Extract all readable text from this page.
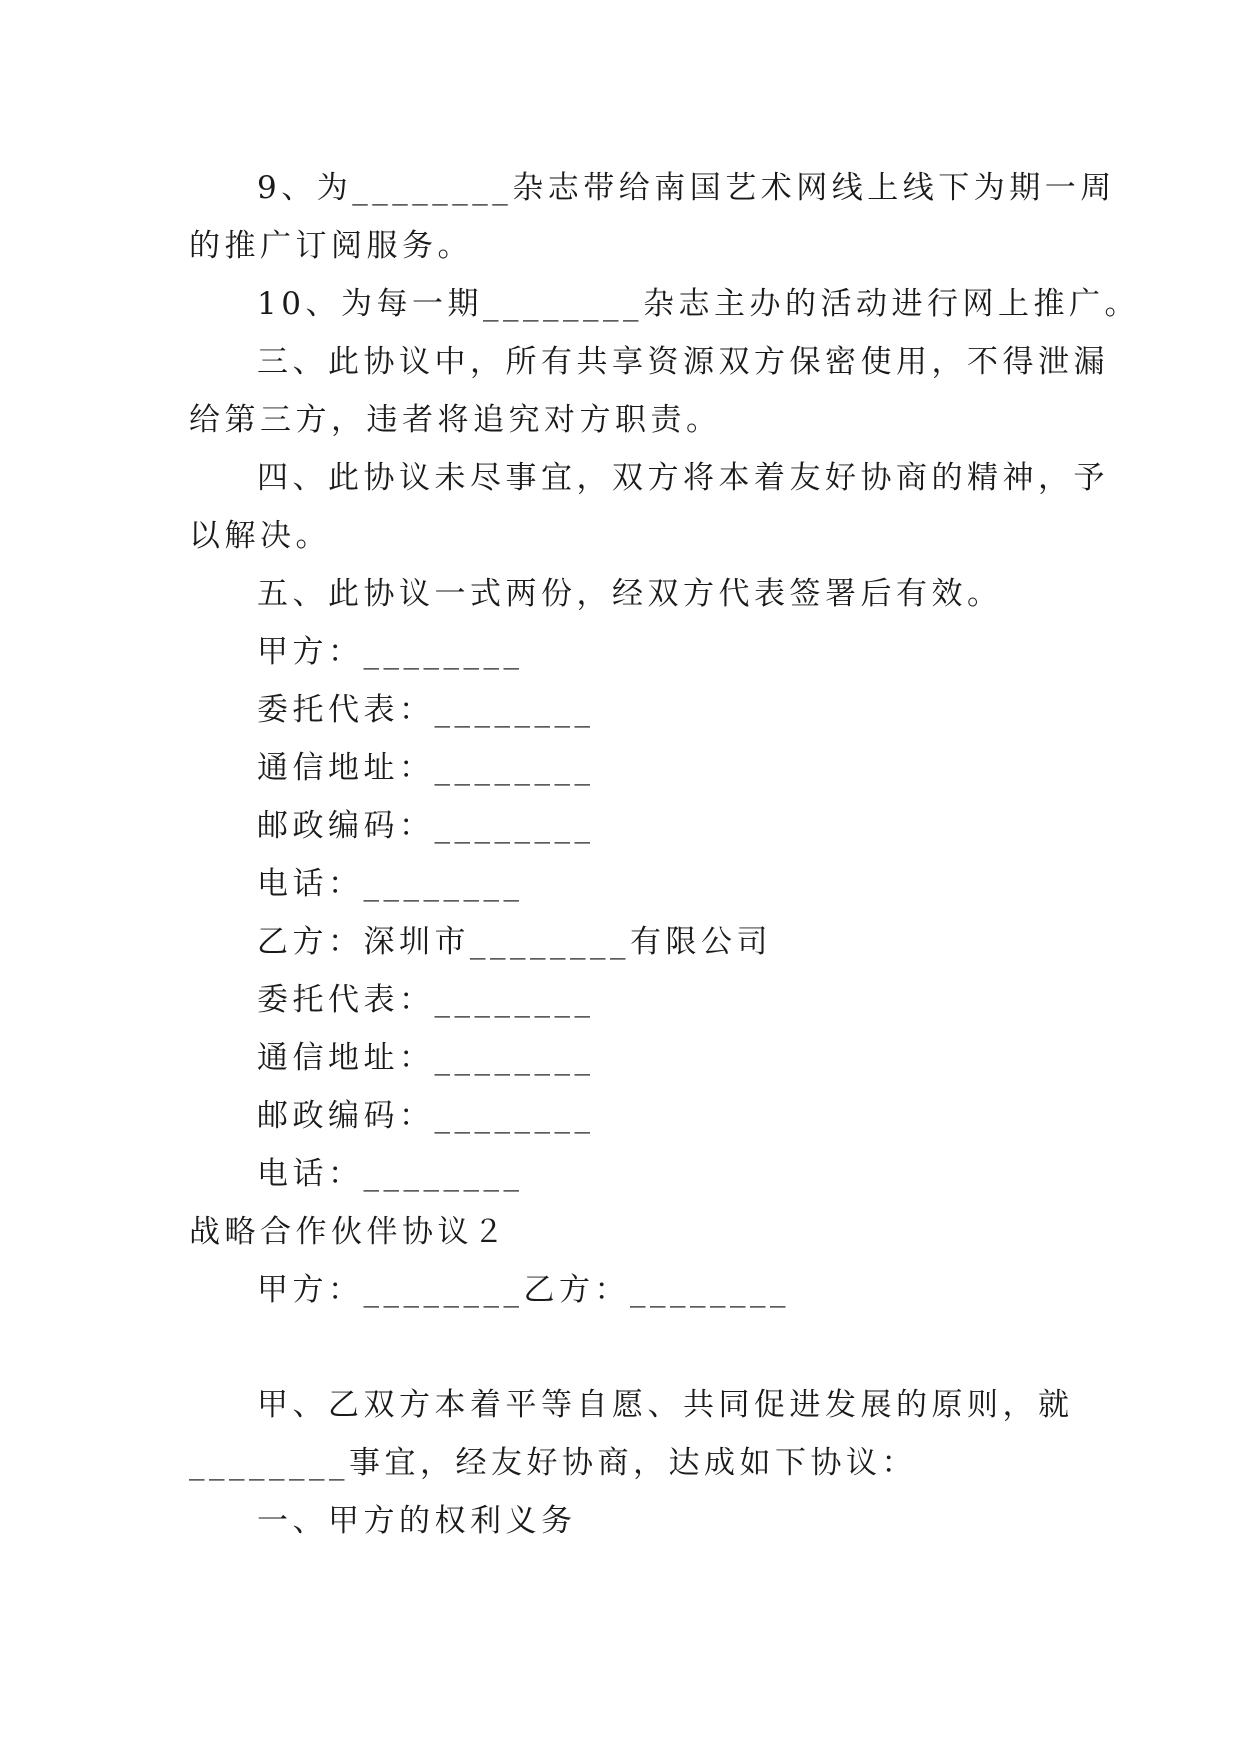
9、为________杂志带给南国艺术网线上线下为期一周
的推广订阅服务。
10、为每一期________杂志主办的活动进行网上推广。
三、此协议中，所有共享资源双方保密使用，不得泄漏
给第三方，违者将追究对方职责。
四、此协议未尽事宜，双方将本着友好协商的精神，予
以解决。
五、此协议一式两份，经双方代表签署后有效。
甲方：________
委托代表：________
通信地址：________
邮政编码：________
电话：________
乙方：深圳市________有限公司
委托代表：________
通信地址：________
邮政编码：________
电话：________
战略合作伙伴协议２
甲方：________乙方：________
甲、乙双方本着平等自愿、共同促进发展的原则，就
________事宜，经友好协商，达成如下协议：
一、甲方的权利义务
